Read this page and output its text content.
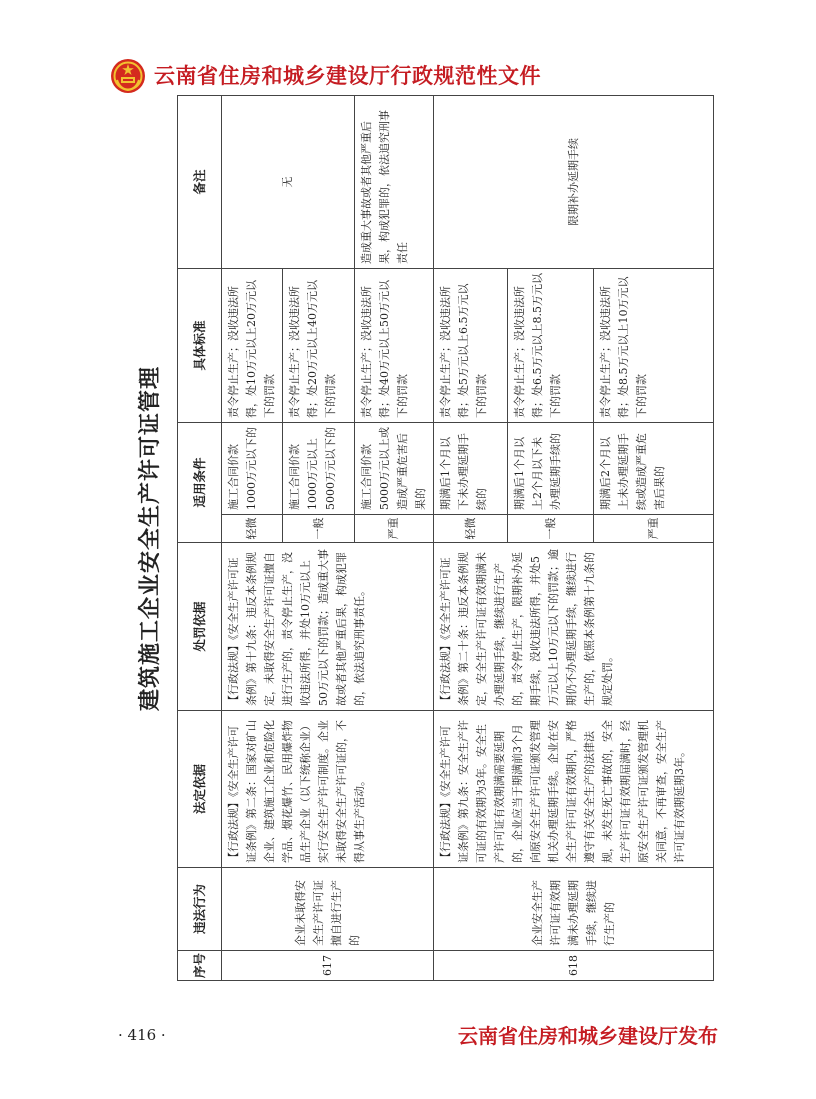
云南省住房和城乡建设厅行政规范性文件
建筑施工企业安全生产许可证管理
序号	违法行为	法定依据	处罚依据	适用条件		具体标准	备注
617	企业未取得安全生产许可证擅自进行生产的	【行政法规】《安全生产许可证条例》第二条：国家对矿山企业、建筑施工企业和危险化学品、烟花爆竹、民用爆炸物品生产企业（以下统称企业）实行安全生产许可制度。企业未取得安全生产许可证的，不得从事生产活动。	【行政法规】《安全生产许可证条例》第十九条：违反本条例规定，未取得安全生产许可证擅自进行生产的，责令停止生产，没收违法所得，并处10万元以上50万元以下的罚款；造成重大事故或者其他严重后果，构成犯罪的，依法追究刑事责任。	轻微	施工合同价款1000万元以下的	责令停止生产；没收违法所得，处10万元以上20万元以下的罚款	无
				一般	施工合同价款1000万元以上5000万元以下的	责令停止生产；没收违法所得；处20万元以上40万元以下的罚款	
				严重	施工合同价款5000万元以上或造成严重危害后果的	责令停止生产；没收违法所得；处40万元以上50万元以下的罚款	造成重大事故或者其他严重后果，构成犯罪的，依法追究刑事责任
618	企业安全生产许可证有效期满未办理延期手续，继续进行生产的	【行政法规】《安全生产许可证条例》第九条：安全生产许可证的有效期为3年。安全生产许可证有效期满需要延期的，企业应当于期满前3个月向原安全生产许可证颁发管理机关办理延期手续。企业在安全生产许可证有效期内，严格遵守有关安全生产的法律法规，未发生死亡事故的，安全生产许可证有效期届满时，经原安全生产许可证颁发管理机关同意，不再审查，安全生产许可证有效期延期3年。	【行政法规】《安全生产许可证条例》第二十条：违反本条例规定，安全生产许可证有效期满未办理延期手续，继续进行生产的，责令停止生产，限期补办延期手续，没收违法所得，并处5万元以上10万元以下的罚款；逾期仍不办理延期手续，继续进行生产的，依照本条例第十九条的规定处罚。	轻微	期满后1个月以下未办理延期手续的	责令停止生产；没收违法所得；处5万元以上6.5万元以下的罚款	限期补办延期手续
				一般	期满后1个月以上2个月以下未办理延期手续的	责令停止生产；没收违法所得；处6.5万元以上8.5万元以下的罚款	
				严重	期满后2个月以上未办理延期手续或造成严重危害后果的	责令停止生产；没收违法所得；处8.5万元以上10万元以下的罚款	
· 416 ·	云南省住房和城乡建设厅发布
